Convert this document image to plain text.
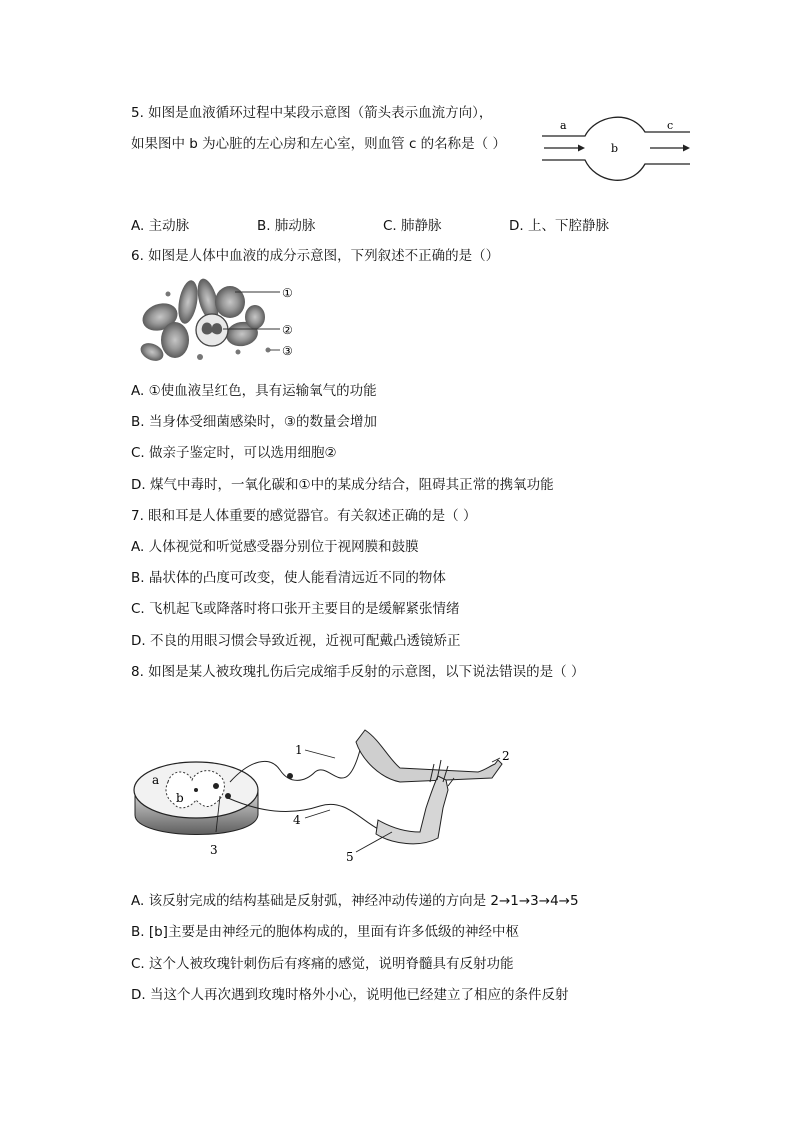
5. 如图是血液循环过程中某段示意图（箭头表示血流方向），
如果图中 b 为心脏的左心房和左心室，则血管 c 的名称是（ ）
a
b
c
A. 主动脉	B. 肺动脉	C. 肺静脉	D. 上、下腔静脉
6. 如图是人体中血液的成分示意图，下列叙述不正确的是（）
①
②
③
A. ①使血液呈红色，具有运输氧气的功能
B. 当身体受细菌感染时，③的数量会增加
C. 做亲子鉴定时，可以选用细胞②
D. 煤气中毒时，一氧化碳和①中的某成分结合，阻碍其正常的携氧功能
7. 眼和耳是人体重要的感觉器官。有关叙述正确的是（ ）
A. 人体视觉和听觉感受器分别位于视网膜和鼓膜
B. 晶状体的凸度可改变，使人能看清远近不同的物体
C. 飞机起飞或降落时将口张开主要目的是缓解紧张情绪
D. 不良的用眼习惯会导致近视，近视可配戴凸透镜矫正
8. 如图是某人被玫瑰扎伤后完成缩手反射的示意图，以下说法错误的是（ ）
a
b
1	2
3
4
5
A. 该反射完成的结构基础是反射弧，神经冲动传递的方向是 2→1→3→4→5
B. [b]主要是由神经元的胞体构成的，里面有许多低级的神经中枢
C. 这个人被玫瑰针刺伤后有疼痛的感觉，说明脊髓具有反射功能
D. 当这个人再次遇到玫瑰时格外小心，说明他已经建立了相应的条件反射
